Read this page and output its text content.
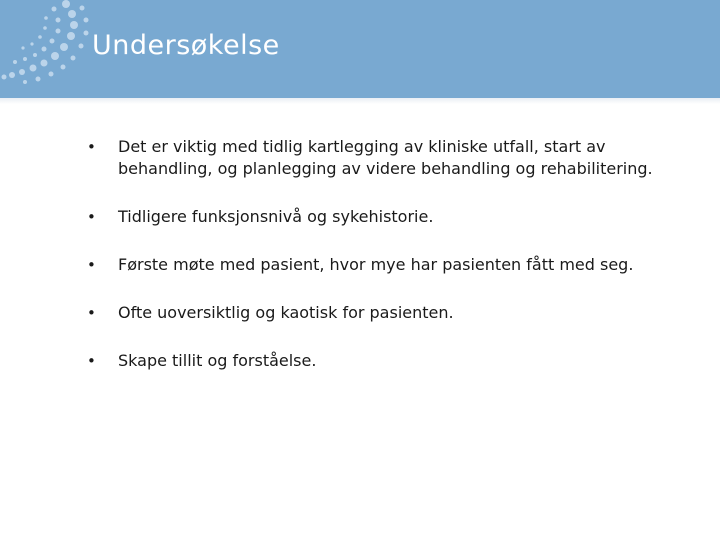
Undersøkelse
• Det er viktig med tidlig kartlegging av kliniske utfall, start av behandling, og planlegging av videre behandling og rehabilitering.
• Tidligere funksjonsnivå og sykehistorie.
• Første møte med pasient, hvor mye har pasienten fått med seg.
• Ofte uoversiktlig og kaotisk for pasienten.
• Skape tillit og forståelse.
